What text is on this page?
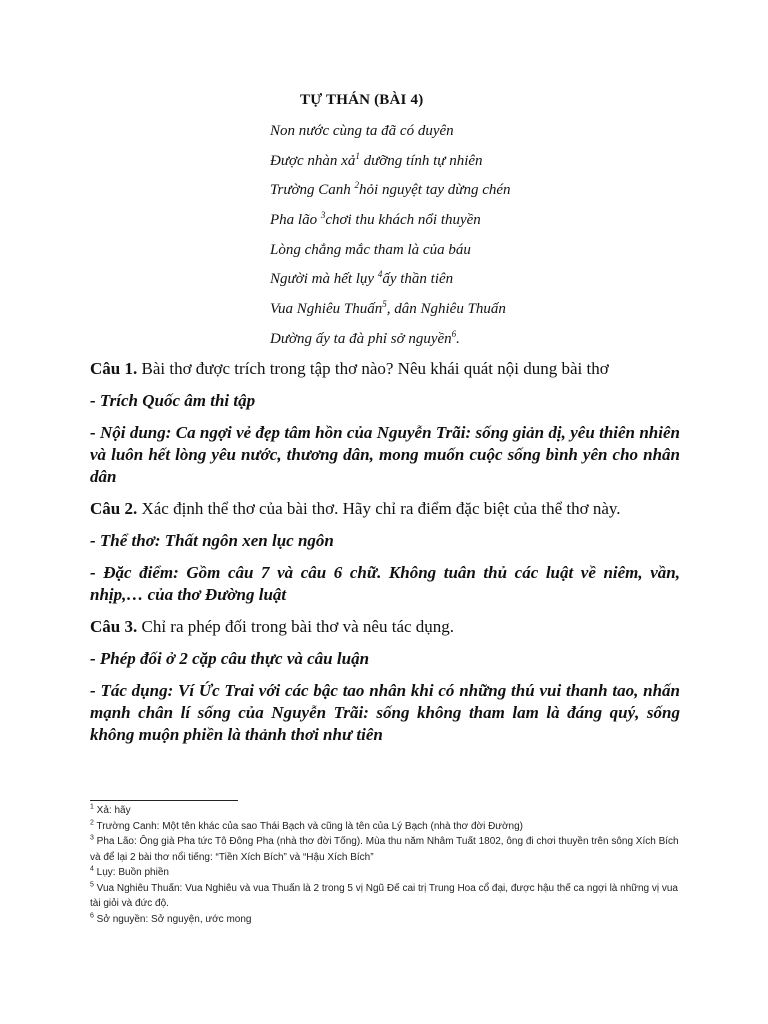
TỰ THÁN (BÀI 4)
Non nước cùng ta đã có duyên
Được nhàn xả$^1$ dưỡng tính tự nhiên
Trường Canh $^2$hỏi nguyệt tay dừng chén
Pha lão $^3$chơi thu khách nổi thuyền
Lòng chẳng mắc tham là của báu
Người mà hết lụy $^4$ấy thần tiên
Vua Nghiêu Thuấn$^5$, dân Nghiêu Thuấn
Dường ấy ta đà phỉ sở nguyền$^6$.

Câu 1. Bài thơ được trích trong tập thơ nào? Nêu khái quát nội dung bài thơ

- Trích Quốc âm thi tập

- Nội dung: Ca ngợi vẻ đẹp tâm hồn của Nguyễn Trãi: sống giản dị, yêu thiên nhiên và luôn hết lòng yêu nước, thương dân, mong muốn cuộc sống bình yên cho nhân dân

Câu 2. Xác định thể thơ của bài thơ. Hãy chỉ ra điểm đặc biệt của thể thơ này.

- Thể thơ: Thất ngôn xen lục ngôn

- Đặc điểm: Gồm câu 7 và câu 6 chữ. Không tuân thủ các luật về niêm, vần, nhịp,… của thơ Đường luật

Câu 3. Chỉ ra phép đối trong bài thơ và nêu tác dụng.

- Phép đối ở 2 cặp câu thực và câu luận

- Tác dụng: Ví Ức Trai với các bậc tao nhân khi có những thú vui thanh tao, nhấn mạnh chân lí sống của Nguyễn Trãi: sống không tham lam là đáng quý, sống không muộn phiền là thảnh thơi như tiên

$^1$ Xả: hãy

$^2$ Trường Canh: Một tên khác của sao Thái Bạch và cũng là tên của Lý Bạch (nhà thơ đời Đường)

$^3$ Pha Lão: Ông già Pha tức Tô Đông Pha (nhà thơ đời Tống). Mùa thu năm Nhâm Tuất 1802, ông đi chơi thuyền trên sông Xích Bích và để lại 2 bài thơ nổi tiếng: “Tiền Xích Bích” và “Hậu Xích Bích”

$^4$ Lụy: Buồn phiền

$^5$ Vua Nghiêu Thuấn: Vua Nghiêu và vua Thuấn là 2 trong 5 vị Ngũ Đế cai trị Trung Hoa cổ đại, được hậu thế ca ngợi là những vị vua tài giỏi và đức độ.

$^6$ Sở nguyền: Sở nguyện, ước mong
